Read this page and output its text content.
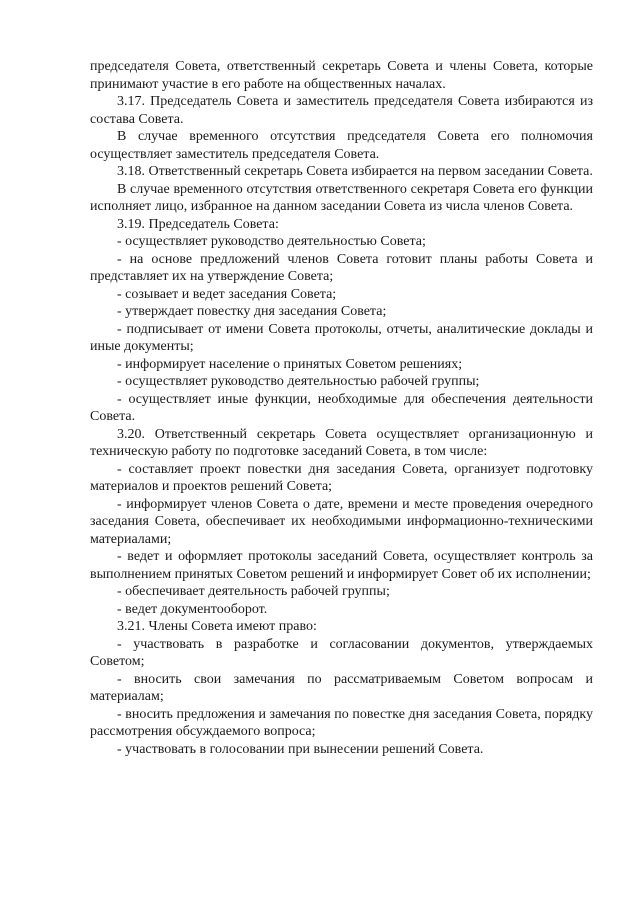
председателя Совета, ответственный секретарь Совета и члены Совета, которые принимают участие в его работе на общественных началах.

3.17. Председатель Совета и заместитель председателя Совета избираются из состава Совета.

В случае временного отсутствия председателя Совета его полномочия осуществляет заместитель председателя Совета.

3.18. Ответственный секретарь Совета избирается на первом заседании Совета.

В случае временного отсутствия ответственного секретаря Совета его функции исполняет лицо, избранное на данном заседании Совета из числа членов Совета.

3.19. Председатель Совета:

- осуществляет руководство деятельностью Совета;

- на основе предложений членов Совета готовит планы работы Совета и представляет их на утверждение Совета;

- созывает и ведет заседания Совета;

- утверждает повестку дня заседания Совета;

- подписывает от имени Совета протоколы, отчеты, аналитические доклады и иные документы;

- информирует население о принятых Советом решениях;

- осуществляет руководство деятельностью рабочей группы;

- осуществляет иные функции, необходимые для обеспечения деятельности Совета.

3.20. Ответственный секретарь Совета осуществляет организационную и техническую работу по подготовке заседаний Совета, в том числе:

- составляет проект повестки дня заседания Совета, организует подготовку материалов и проектов решений Совета;

- информирует членов Совета о дате, времени и месте проведения очередного заседания Совета, обеспечивает их необходимыми информационно-техническими материалами;

- ведет и оформляет протоколы заседаний Совета, осуществляет контроль за выполнением принятых Советом решений и информирует Совет об их исполнении;

- обеспечивает деятельность рабочей группы;

- ведет документооборот.

3.21. Члены Совета имеют право:

- участвовать в разработке и согласовании документов, утверждаемых Советом;

- вносить свои замечания по рассматриваемым Советом вопросам и материалам;

- вносить предложения и замечания по повестке дня заседания Совета, порядку рассмотрения обсуждаемого вопроса;

- участвовать в голосовании при вынесении решений Совета.
